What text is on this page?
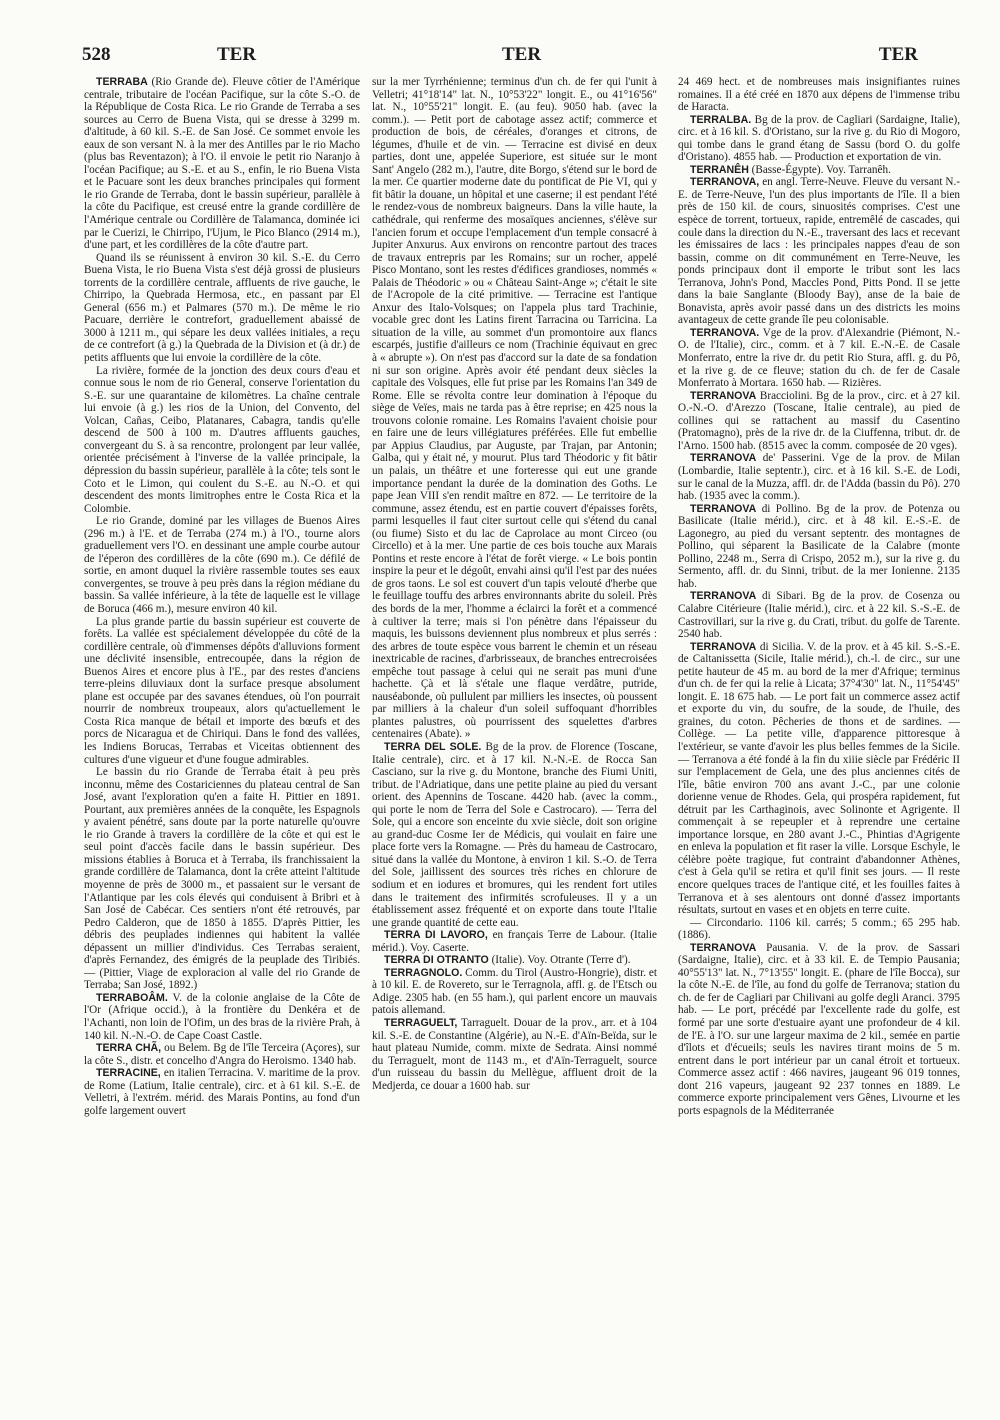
528	TER	TER	TER

TERRABA (Rio Grande de). Fleuve côtier de l'Amérique centrale, tributaire de l'océan Pacifique, sur la côte S.-O. de la République de Costa Rica. Le rio Grande de Terraba a ses sources au Cerro de Buena Vista, qui se dresse à 3299 m. d'altitude, à 60 kil. S.-E. de San José. Ce sommet envoie les eaux de son versant N. à la mer des Antilles par le rio Macho (plus bas Reventazon); à l'O. il envoie le petit rio Naranjo à l'océan Pacifique; au S.-E. et au S., enfin, le rio Buena Vista et le Pacuare sont les deux branches principales qui forment le rio Grande de Terraba, dont le bassin supérieur, parallèle à la côte du Pacifique, est creusé entre la grande cordillère de l'Amérique centrale ou Cordillère de Talamanca, dominée ici par le Cuerizi, le Chirripo, l'Ujum, le Pico Blanco (2914 m.), d'une part, et les cordillères de la côte d'autre part.

Quand ils se réunissent à environ 30 kil. S.-E. du Cerro Buena Vista, le rio Buena Vista s'est déjà grossi de plusieurs torrents de la cordillère centrale, affluents de rive gauche, le Chirripo, la Quebrada Hermosa, etc., en passant par El General (656 m.) et Palmares (570 m.). De même le rio Pacuare, derrière le contrefort, graduellement abaissé de 3000 à 1211 m., qui sépare les deux vallées initiales, a reçu de ce contrefort (à g.) la Quebrada de la Division et (à dr.) de petits affluents que lui envoie la cordillère de la côte.

La rivière, formée de la jonction des deux cours d'eau et connue sous le nom de rio General, conserve l'orientation du S.-E. sur une quarantaine de kilomètres. La chaîne centrale lui envoie (à g.) les rios de la Union, del Convento, del Volcan, Cañas, Ceibo, Platanares, Cabagra, tandis qu'elle descend de 500 à 100 m. D'autres affluents gauches, convergeant du S. à sa rencontre, prolongent par leur vallée, orientée précisément à l'inverse de la vallée principale, la dépression du bassin supérieur, parallèle à la côte; tels sont le Coto et le Limon, qui coulent du S.-E. au N.-O. et qui descendent des monts limitrophes entre le Costa Rica et la Colombie.

Le rio Grande, dominé par les villages de Buenos Aires (296 m.) à l'E. et de Terraba (274 m.) à l'O., tourne alors graduellement vers l'O. en dessinant une ample courbe autour de l'éperon des cordillères de la côte (690 m.). Ce défilé de sortie, en amont duquel la rivière rassemble toutes ses eaux convergentes, se trouve à peu près dans la région médiane du bassin. Sa vallée inférieure, à la tête de laquelle est le village de Boruca (466 m.), mesure environ 40 kil.

La plus grande partie du bassin supérieur est couverte de forêts. La vallée est spécialement développée du côté de la cordillère centrale, où d'immenses dépôts d'alluvions forment une déclivité insensible, entrecoupée, dans la région de Buenos Aires et encore plus à l'E., par des restes d'anciens terre-pleins diluviaux dont la surface presque absolument plane est occupée par des savanes étendues, où l'on pourrait nourrir de nombreux troupeaux, alors qu'actuellement le Costa Rica manque de bétail et importe des bœufs et des porcs de Nicaragua et de Chiriqui. Dans le fond des vallées, les Indiens Borucas, Terrabas et Viceitas obtiennent des cultures d'une vigueur et d'une fougue admirables.

Le bassin du rio Grande de Terraba était à peu près inconnu, même des Costariciennes du plateau central de San José, avant l'exploration qu'en a faite H. Pittier en 1891. Pourtant, aux premières années de la conquête, les Espagnols y avaient pénétré, sans doute par la porte naturelle qu'ouvre le rio Grande à travers la cordillère de la côte et qui est le seul point d'accès facile dans le bassin supérieur. Des missions établies à Boruca et à Terraba, ils franchissaient la grande cordillère de Talamanca, dont la crête atteint l'altitude moyenne de près de 3000 m., et passaient sur le versant de l'Atlantique par les cols élevés qui conduisent à Bribri et à San José de Cabécar. Ces sentiers n'ont été retrouvés, par Pedro Calderon, que de 1850 à 1855. D'après Pittier, les débris des peuplades indiennes qui habitent la vallée dépassent un millier d'individus. Ces Terrabas seraient, d'après Fernandez, des émigrés de la peuplade des Tiribiés. — (Pittier, Viage de exploracion al valle del rio Grande de Terraba; San José, 1892.)

TERRABOÂM. V. de la colonie anglaise de la Côte de l'Or (Afrique occid.), à la frontière du Denkéra et de l'Achanti, non loin de l'Ofim, un des bras de la rivière Prah, à 140 kil. N.-N.-O. de Cape Coast Castle.

TERRA CHÃ, ou Belem. Bg de l'île Terceira (Açores), sur la côte S., distr. et concelho d'Angra do Heroismo. 1340 hab.

TERRACINE, en italien Terracina. V. maritime de la prov. de Rome (Latium, Italie centrale), circ. et à 61 kil. S.-E. de Velletri, à l'extrém. mérid. des Marais Pontins, au fond d'un golfe largement ouvert

sur la mer Tyrrhénienne; terminus d'un ch. de fer qui l'unit à Velletri; 41°18'14" lat. N., 10°53'22" longit. E., ou 41°16'56" lat. N., 10°55'21" longit. E. (au feu). 9050 hab. (avec la comm.). — Petit port de cabotage assez actif; commerce et production de bois, de céréales, d'oranges et citrons, de légumes, d'huile et de vin. — Terracine est divisé en deux parties, dont une, appelée Superiore, est située sur le mont Sant' Angelo (282 m.), l'autre, dite Borgo, s'étend sur le bord de la mer. Ce quartier moderne date du pontificat de Pie VI, qui y fit bâtir la douane, un hôpital et une caserne; il est pendant l'été le rendez-vous de nombreux baigneurs. Dans la ville haute, la cathédrale, qui renferme des mosaïques anciennes, s'élève sur l'ancien forum et occupe l'emplacement d'un temple consacré à Jupiter Anxurus. Aux environs on rencontre partout des traces de travaux entrepris par les Romains; sur un rocher, appelé Pisco Montano, sont les restes d'édifices grandioses, nommés « Palais de Théodoric » ou « Château Saint-Ange »; c'était le site de l'Acropole de la cité primitive. — Terracine est l'antique Anxur des Italo-Volsques; on l'appela plus tard Trachinie, vocable grec dont les Latins firent Tarracina ou Tarricina. La situation de la ville, au sommet d'un promontoire aux flancs escarpés, justifie d'ailleurs ce nom (Trachinie équivaut en grec à « abrupte »). On n'est pas d'accord sur la date de sa fondation ni sur son origine. Après avoir été pendant deux siècles la capitale des Volsques, elle fut prise par les Romains l'an 349 de Rome. Elle se révolta contre leur domination à l'époque du siège de Veïes, mais ne tarda pas à être reprise; en 425 nous la trouvons colonie romaine. Les Romains l'avaient choisie pour en faire une de leurs villégiatures préférées. Elle fut embellie par Appius Claudius, par Auguste, par Trajan, par Antonin; Galba, qui y était né, y mourut. Plus tard Théodoric y fit bâtir un palais, un théâtre et une forteresse qui eut une grande importance pendant la durée de la domination des Goths. Le pape Jean VIII s'en rendit maître en 872. — Le territoire de la commune, assez étendu, est en partie couvert d'épaisses forêts, parmi lesquelles il faut citer surtout celle qui s'étend du canal (ou fiume) Sisto et du lac de Caprolace au mont Circeo (ou Circello) et à la mer. Une partie de ces bois touche aux Marais Pontins et reste encore à l'état de forêt vierge. « Le bois pontin inspire la peur et le dégoût, envahi ainsi qu'il l'est par des nuées de gros taons. Le sol est couvert d'un tapis velouté d'herbe que le feuillage touffu des arbres environnants abrite du soleil. Près des bords de la mer, l'homme a éclairci la forêt et a commencé à cultiver la terre; mais si l'on pénètre dans l'épaisseur du maquis, les buissons deviennent plus nombreux et plus serrés : des arbres de toute espèce vous barrent le chemin et un réseau inextricable de racines, d'arbrisseaux, de branches entrecroisées empêche tout passage à celui qui ne serait pas muni d'une hachette. Çà et là s'étale une flaque verdâtre, putride, nauséabonde, où pullulent par milliers les insectes, où poussent par milliers à la chaleur d'un soleil suffoquant d'horribles plantes palustres, où pourrissent des squelettes d'arbres centenaires (Abate). »

TERRA DEL SOLE. Bg de la prov. de Florence (Toscane, Italie centrale), circ. et à 17 kil. N.-N.-E. de Rocca San Casciano, sur la rive g. du Montone, branche des Fiumi Uniti, tribut. de l'Adriatique, dans une petite plaine au pied du versant orient. des Apennins de Toscane. 4420 hab. (avec la comm., qui porte le nom de Terra del Sole e Castrocaro). — Terra del Sole, qui a encore son enceinte du xvie siècle, doit son origine au grand-duc Cosme Ier de Médicis, qui voulait en faire une place forte vers la Romagne. — Près du hameau de Castrocaro, situé dans la vallée du Montone, à environ 1 kil. S.-O. de Terra del Sole, jaillissent des sources très riches en chlorure de sodium et en iodures et bromures, qui les rendent fort utiles dans le traitement des infirmités scrofuleuses. Il y a un établissement assez fréquenté et on exporte dans toute l'Italie une grande quantité de cette eau.

TERRA DI LAVORO, en français Terre de Labour. (Italie mérid.). Voy. Caserte.

TERRA DI OTRANTO (Italie). Voy. Otrante (Terre d').

TERRAGNOLO. Comm. du Tirol (Austro-Hongrie), distr. et à 10 kil. E. de Rovereto, sur le Terragnola, affl. g. de l'Etsch ou Adige. 2305 hab. (en 55 ham.), qui parlent encore un mauvais patois allemand.

TERRAGUELT, Tarraguelt. Douar de la prov., arr. et à 104 kil. S.-E. de Constantine (Algérie), au N.-E. d'Aïn-Beïda, sur le haut plateau Numide, comm. mixte de Sedrata. Ainsi nommé du Terraguelt, mont de 1143 m., et d'Aïn-Terraguelt, source d'un ruisseau du bassin du Mellègue, affluent droit de la Medjerda, ce douar a 1600 hab. sur

24 469 hect. et de nombreuses mais insignifiantes ruines romaines. Il a été créé en 1870 aux dépens de l'immense tribu de Haracta.

TERRALBA. Bg de la prov. de Cagliari (Sardaigne, Italie), circ. et à 16 kil. S. d'Oristano, sur la rive g. du Rio di Mogoro, qui tombe dans le grand étang de Sassu (bord O. du golfe d'Oristano). 4855 hab. — Production et exportation de vin.

TERRANÊH (Basse-Égypte). Voy. Tarranêh.

TERRANOVA, en angl. Terre-Neuve. Fleuve du versant N.-E. de Terre-Neuve, l'un des plus importants de l'île. Il a bien près de 150 kil. de cours, sinuosités comprises. C'est une espèce de torrent, tortueux, rapide, entremêlé de cascades, qui coule dans la direction du N.-E., traversant des lacs et recevant les émissaires de lacs : les principales nappes d'eau de son bassin, comme on dit communément en Terre-Neuve, les ponds principaux dont il emporte le tribut sont les lacs Terranova, John's Pond, Maccles Pond, Pitts Pond. Il se jette dans la baie Sanglante (Bloody Bay), anse de la baie de Bonavista, après avoir passé dans un des districts les moins avantageux de cette grande île peu colonisable.

TERRANOVA. Vge de la prov. d'Alexandrie (Piémont, N.-O. de l'Italie), circ., comm. et à 7 kil. E.-N.-E. de Casale Monferrato, entre la rive dr. du petit Rio Stura, affl. g. du Pô, et la rive g. de ce fleuve; station du ch. de fer de Casale Monferrato à Mortara. 1650 hab. — Rizières.

TERRANOVA Bracciolini. Bg de la prov., circ. et à 27 kil. O.-N.-O. d'Arezzo (Toscane, Italie centrale), au pied de collines qui se rattachent au massif du Casentino (Pratomagno), près de la rive dr. de la Ciuffenna, tribut. dr. de l'Arno. 1500 hab. (8515 avec la comm. composée de 20 vges).

TERRANOVA de' Passerini. Vge de la prov. de Milan (Lombardie, Italie septentr.), circ. et à 16 kil. S.-E. de Lodi, sur le canal de la Muzza, affl. dr. de l'Adda (bassin du Pô). 270 hab. (1935 avec la comm.).

TERRANOVA di Pollino. Bg de la prov. de Potenza ou Basilicate (Italie mérid.), circ. et à 48 kil. E.-S.-E. de Lagonegro, au pied du versant septentr. des montagnes de Pollino, qui séparent la Basilicate de la Calabre (monte Pollino, 2248 m., Serra di Crispo, 2052 m.), sur la rive g. du Sermento, affl. dr. du Sinni, tribut. de la mer Ionienne. 2135 hab.

TERRANOVA di Sibari. Bg de la prov. de Cosenza ou Calabre Citérieure (Italie mérid.), circ. et à 22 kil. S.-S.-E. de Castrovillari, sur la rive g. du Crati, tribut. du golfe de Tarente. 2540 hab.

TERRANOVA di Sicilia. V. de la prov. et à 45 kil. S.-S.-E. de Caltanissetta (Sicile, Italie mérid.), ch.-l. de circ., sur une petite hauteur de 45 m. au bord de la mer d'Afrique; terminus d'un ch. de fer qui la relie à Licata; 37°4'30" lat. N., 11°54'45" longit. E. 18 675 hab. — Le port fait un commerce assez actif et exporte du vin, du soufre, de la soude, de l'huile, des graines, du coton. Pêcheries de thons et de sardines. — Collège. — La petite ville, d'apparence pittoresque à l'extérieur, se vante d'avoir les plus belles femmes de la Sicile. — Terranova a été fondé à la fin du xiiie siècle par Frédéric II sur l'emplacement de Gela, une des plus anciennes cités de l'île, bâtie environ 700 ans avant J.-C., par une colonie dorienne venue de Rhodes. Gela, qui prospéra rapidement, fut détruit par les Carthaginois, avec Solinonte et Agrigente. Il commençait à se repeupler et à reprendre une certaine importance lorsque, en 280 avant J.-C., Phintias d'Agrigente en enleva la population et fit raser la ville. Lorsque Eschyle, le célèbre poète tragique, fut contraint d'abandonner Athènes, c'est à Gela qu'il se retira et qu'il finit ses jours. — Il reste encore quelques traces de l'antique cité, et les fouilles faites à Terranova et à ses alentours ont donné d'assez importants résultats, surtout en vases et en objets en terre cuite.

— Circondario. 1106 kil. carrés; 5 comm.; 65 295 hab. (1886).

TERRANOVA Pausania. V. de la prov. de Sassari (Sardaigne, Italie), circ. et à 33 kil. E. de Tempio Pausania; 40°55'13" lat. N., 7°13'55" longit. E. (phare de l'île Bocca), sur la côte N.-E. de l'île, au fond du golfe de Terranova; station du ch. de fer de Cagliari par Chilivani au golfe degli Aranci. 3795 hab. — Le port, précédé par l'excellente rade du golfe, est formé par une sorte d'estuaire ayant une profondeur de 4 kil. de l'E. à l'O. sur une largeur maxima de 2 kil., semée en partie d'îlots et d'écueils; seuls les navires tirant moins de 5 m. entrent dans le port intérieur par un canal étroit et tortueux. Commerce assez actif : 466 navires, jaugeant 96 019 tonnes, dont 216 vapeurs, jaugeant 92 237 tonnes en 1889. Le commerce exporte principalement vers Gênes, Livourne et les ports espagnols de la Méditerranée
